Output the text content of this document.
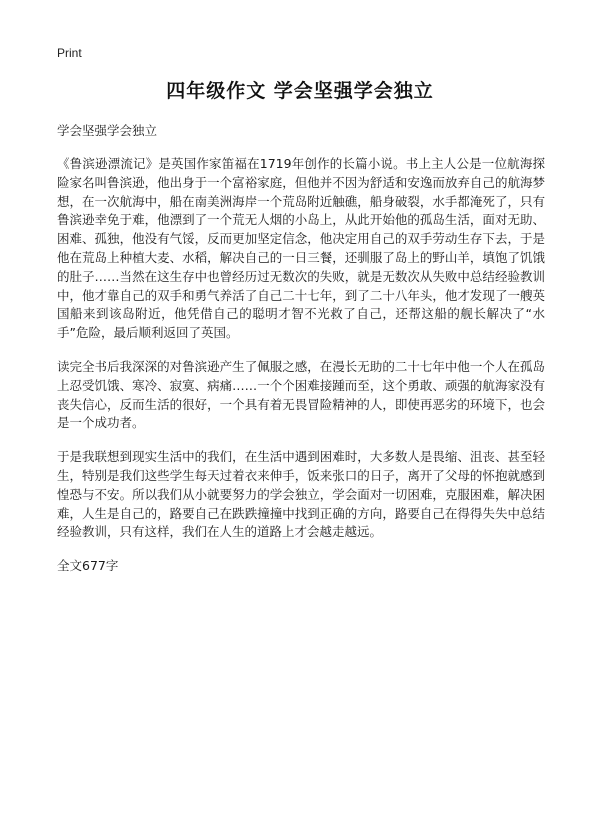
Print
四年级作文 学会坚强学会独立

学会坚强学会独立

《鲁滨逊漂流记》是英国作家笛福在1719年创作的长篇小说。书上主人公是一位航海探险家名叫鲁滨逊，他出身于一个富裕家庭，但他并不因为舒适和安逸而放弃自己的航海梦想，在一次航海中，船在南美洲海岸一个荒岛附近触礁，船身破裂，水手都淹死了，只有鲁滨逊幸免于难，他漂到了一个荒无人烟的小岛上，从此开始他的孤岛生活，面对无助、困难、孤独，他没有气馁，反而更加坚定信念，他决定用自己的双手劳动生存下去，于是他在荒岛上种植大麦、水稻，解决自己的一日三餐，还驯服了岛上的野山羊，填饱了饥饿的肚子……当然在这生存中也曾经历过无数次的失败，就是无数次从失败中总结经验教训中，他才靠自己的双手和勇气养活了自己二十七年，到了二十八年头，他才发现了一艘英国船来到该岛附近，他凭借自己的聪明才智不光救了自己，还帮这船的舰长解决了“水手”危险，最后顺利返回了英国。

读完全书后我深深的对鲁滨逊产生了佩服之感，在漫长无助的二十七年中他一个人在孤岛上忍受饥饿、寒冷、寂寞、病痛……一个个困难接踵而至，这个勇敢、顽强的航海家没有丧失信心，反而生活的很好，一个具有着无畏冒险精神的人，即使再恶劣的环境下，也会是一个成功者。

于是我联想到现实生活中的我们，在生活中遇到困难时，大多数人是畏缩、沮丧、甚至轻生，特别是我们这些学生每天过着衣来伸手，饭来张口的日子，离开了父母的怀抱就感到惶恐与不安。所以我们从小就要努力的学会独立，学会面对一切困难，克服困难，解决困难，人生是自己的，路要自己在跌跌撞撞中找到正确的方向，路要自己在得得失失中总结经验教训，只有这样，我们在人生的道路上才会越走越远。

全文677字
